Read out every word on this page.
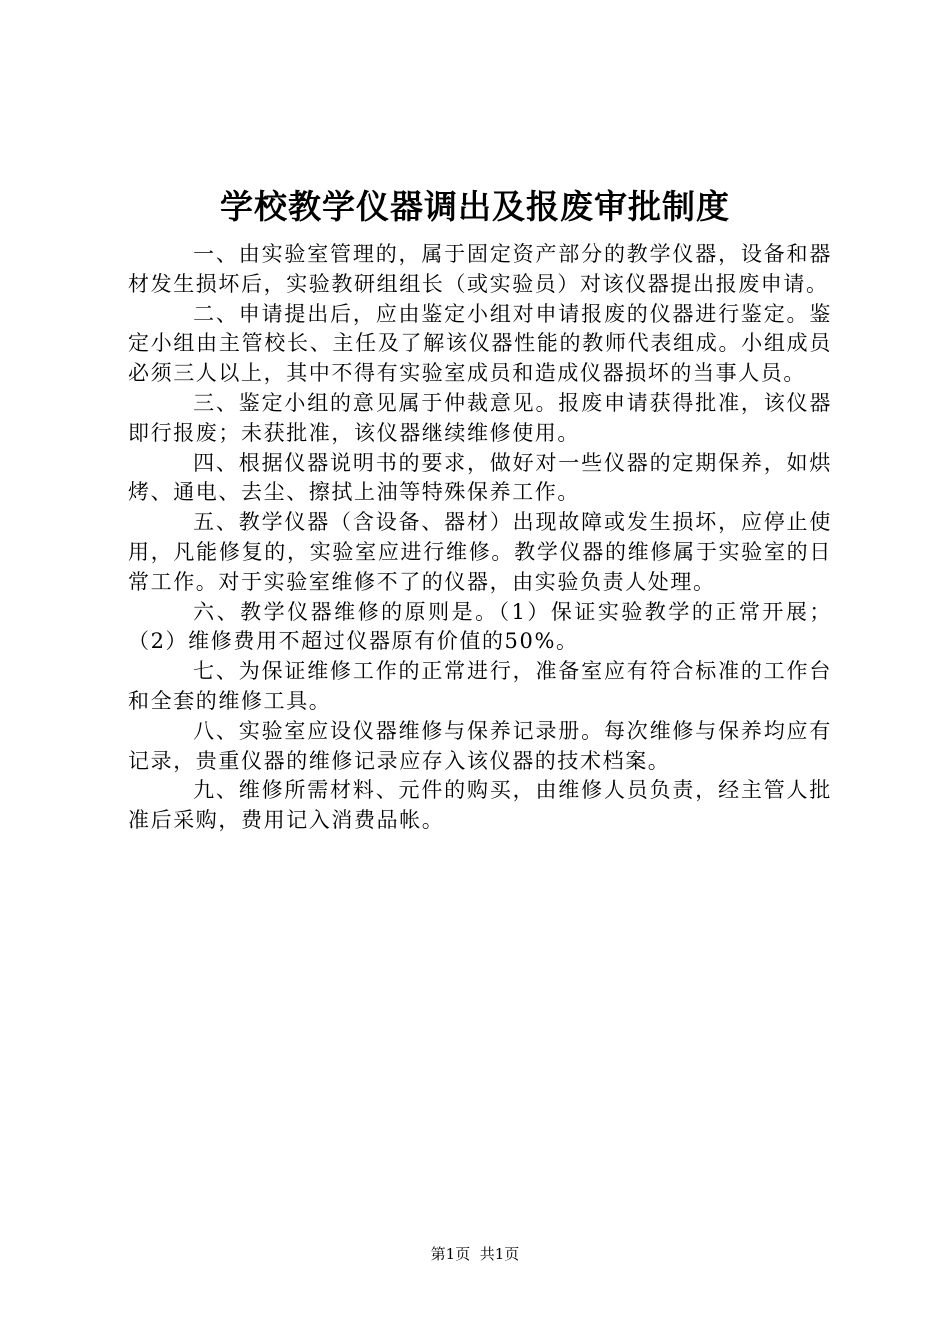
学校教学仪器调出及报废审批制度

一、由实验室管理的，属于固定资产部分的教学仪器，设备和器材发生损坏后，实验教研组组长（或实验员）对该仪器提出报废申请。

二、申请提出后，应由鉴定小组对申请报废的仪器进行鉴定。鉴定小组由主管校长、主任及了解该仪器性能的教师代表组成。小组成员必须三人以上，其中不得有实验室成员和造成仪器损坏的当事人员。

三、鉴定小组的意见属于仲裁意见。报废申请获得批准，该仪器即行报废；未获批准，该仪器继续维修使用。

四、根据仪器说明书的要求，做好对一些仪器的定期保养，如烘烤、通电、去尘、擦拭上油等特殊保养工作。

五、教学仪器（含设备、器材）出现故障或发生损坏，应停止使用，凡能修复的，实验室应进行维修。教学仪器的维修属于实验室的日常工作。对于实验室维修不了的仪器，由实验负责人处理。

六、教学仪器维修的原则是。（1）保证实验教学的正常开展；（2）维修费用不超过仪器原有价值的50%。

七、为保证维修工作的正常进行，准备室应有符合标准的工作台和全套的维修工具。

八、实验室应设仪器维修与保养记录册。每次维修与保养均应有记录，贵重仪器的维修记录应存入该仪器的技术档案。

九、维修所需材料、元件的购买，由维修人员负责，经主管人批准后采购，费用记入消费品帐。

第1页 共1页
